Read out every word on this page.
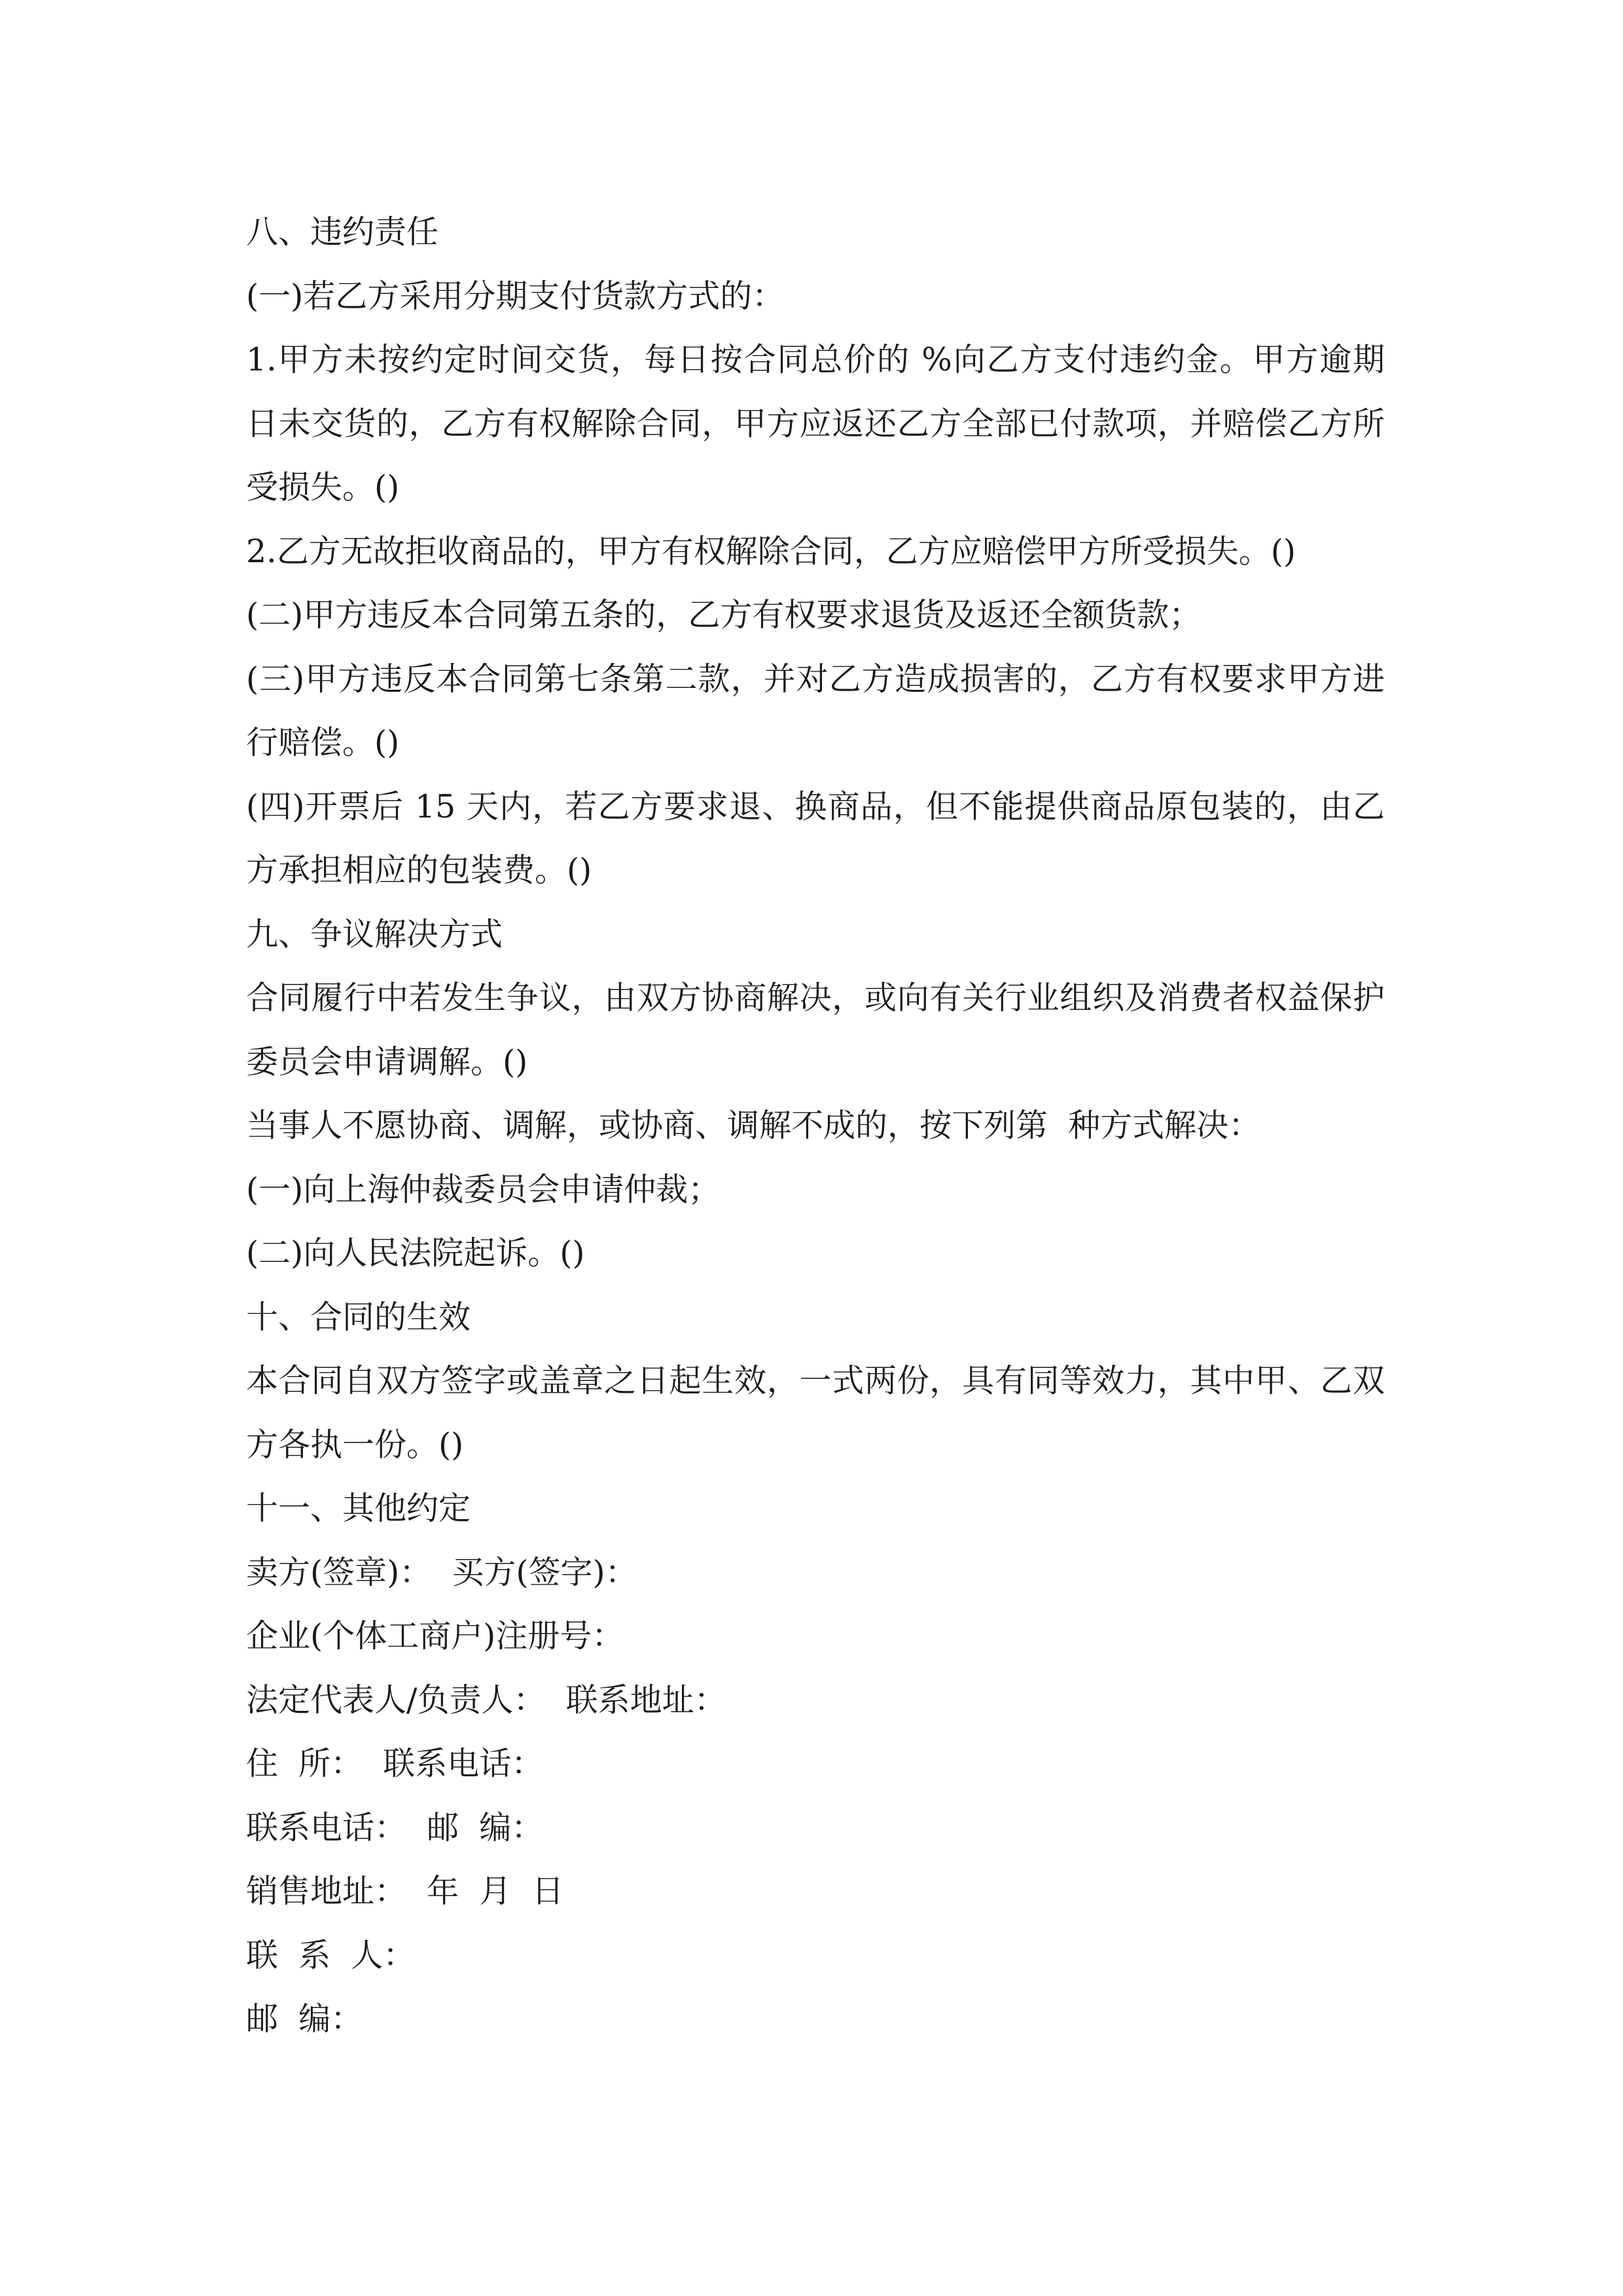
八、违约责任
(一)若乙方采用分期支付货款方式的：
1.甲方未按约定时间交货，每日按合同总价的 %向乙方支付违约金。甲方逾期
日未交货的，乙方有权解除合同，甲方应返还乙方全部已付款项，并赔偿乙方所
受损失。()
2.乙方无故拒收商品的，甲方有权解除合同，乙方应赔偿甲方所受损失。()
(二)甲方违反本合同第五条的，乙方有权要求退货及返还全额货款；
(三)甲方违反本合同第七条第二款，并对乙方造成损害的，乙方有权要求甲方进
行赔偿。()
(四)开票后 15 天内，若乙方要求退、换商品，但不能提供商品原包装的，由乙
方承担相应的包装费。()
九、争议解决方式
合同履行中若发生争议，由双方协商解决，或向有关行业组织及消费者权益保护
委员会申请调解。()
当事人不愿协商、调解，或协商、调解不成的，按下列第  种方式解决：
(一)向上海仲裁委员会申请仲裁；
(二)向人民法院起诉。()
十、合同的生效
本合同自双方签字或盖章之日起生效，一式两份，具有同等效力，其中甲、乙双
方各执一份。()
十一、其他约定
卖方(签章)：  买方(签字)：
企业(个体工商户)注册号：
法定代表人/负责人：  联系地址：
住  所：  联系电话：
联系电话：  邮  编：
销售地址：  年  月  日
联  系  人：
邮  编：
